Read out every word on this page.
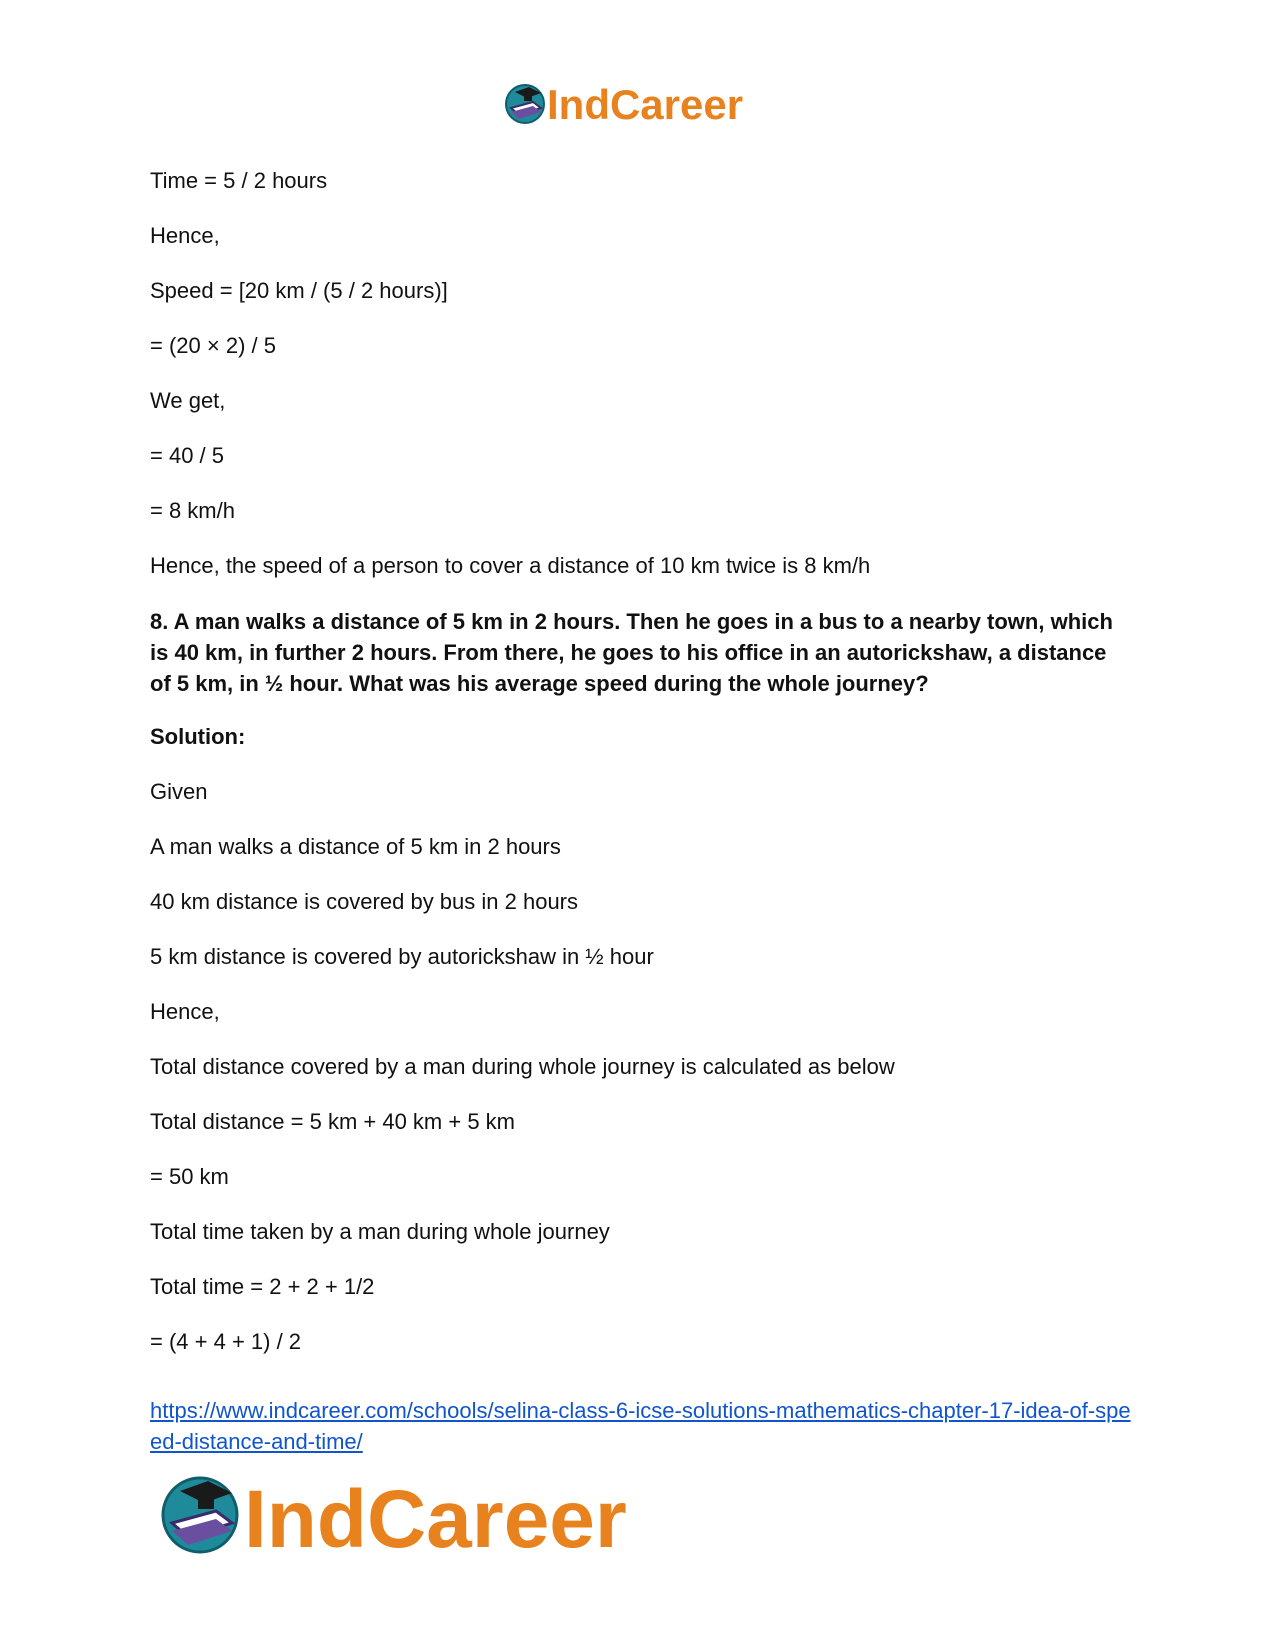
IndCareer

Time = 5 / 2 hours

Hence,

Speed = [20 km / (5 / 2 hours)]

= (20 × 2) / 5

We get,

= 40 / 5

= 8 km/h

Hence, the speed of a person to cover a distance of 10 km twice is 8 km/h

8. A man walks a distance of 5 km in 2 hours. Then he goes in a bus to a nearby town, which is 40 km, in further 2 hours. From there, he goes to his office in an autorickshaw, a distance of 5 km, in ½ hour. What was his average speed during the whole journey?

Solution:

Given

A man walks a distance of 5 km in 2 hours

40 km distance is covered by bus in 2 hours

5 km distance is covered by autorickshaw in ½ hour

Hence,

Total distance covered by a man during whole journey is calculated as below

Total distance = 5 km + 40 km + 5 km

= 50 km

Total time taken by a man during whole journey

Total time = 2 + 2 + 1/2

= (4 + 4 + 1) / 2

https://www.indcareer.com/schools/selina-class-6-icse-solutions-mathematics-chapter-17-idea-of-speed-distance-and-time/
IndCareer
